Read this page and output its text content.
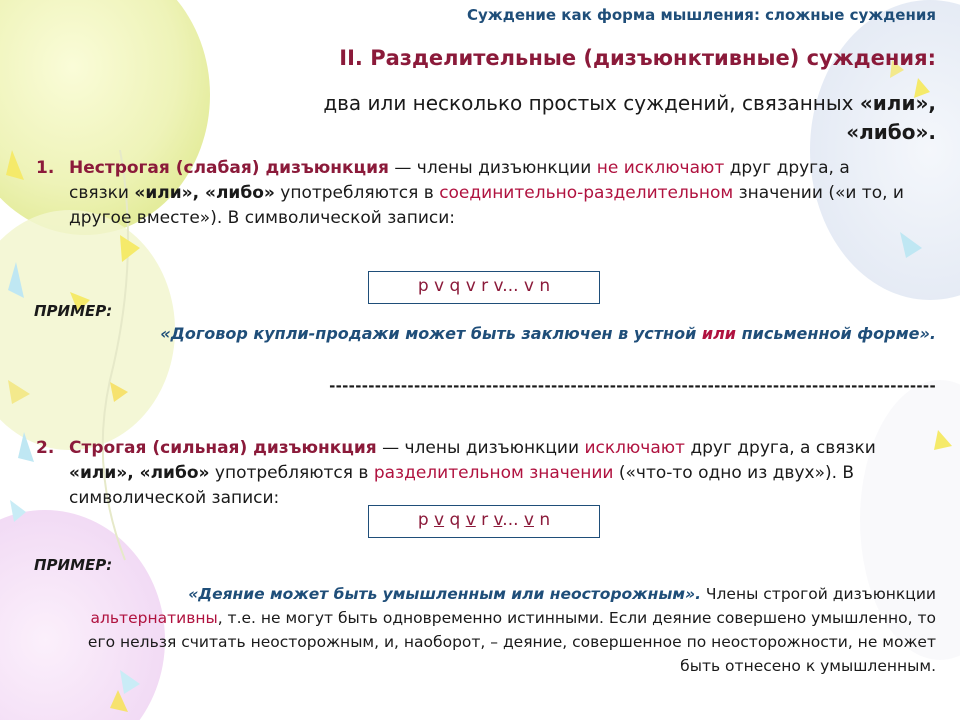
Суждение как форма мышления: сложные суждения
II. Разделительные (дизъюнктивные) суждения:
два или несколько простых суждений, связанных «или»,
«либо».
1. Нестрогая (слабая) дизъюнкция — члены дизъюнкции не исключают друг друга, а связки «или», «либо» употребляются в соединительно-разделительном значении («и то, и другое вместе»). В символической записи:
p v q v r v... v n
ПРИМЕР:
«Договор купли-продажи может быть заключен в устной или письменной форме».
---------------------------------------------------------------------------------------------
2. Строгая (сильная) дизъюнкция — члены дизъюнкции исключают друг друга, а связки «или», «либо» употребляются в разделительном значении («что-то одно из двух»). В символической записи:
p v q v r v... v n
ПРИМЕР:
«Деяние может быть умышленным или неосторожным». Члены строгой дизъюнкции альтернативны, т.е. не могут быть одновременно истинными. Если деяние совершено умышленно, то его нельзя считать неосторожным, и, наоборот, – деяние, совершенное по неосторожности, не может быть отнесено к умышленным.
